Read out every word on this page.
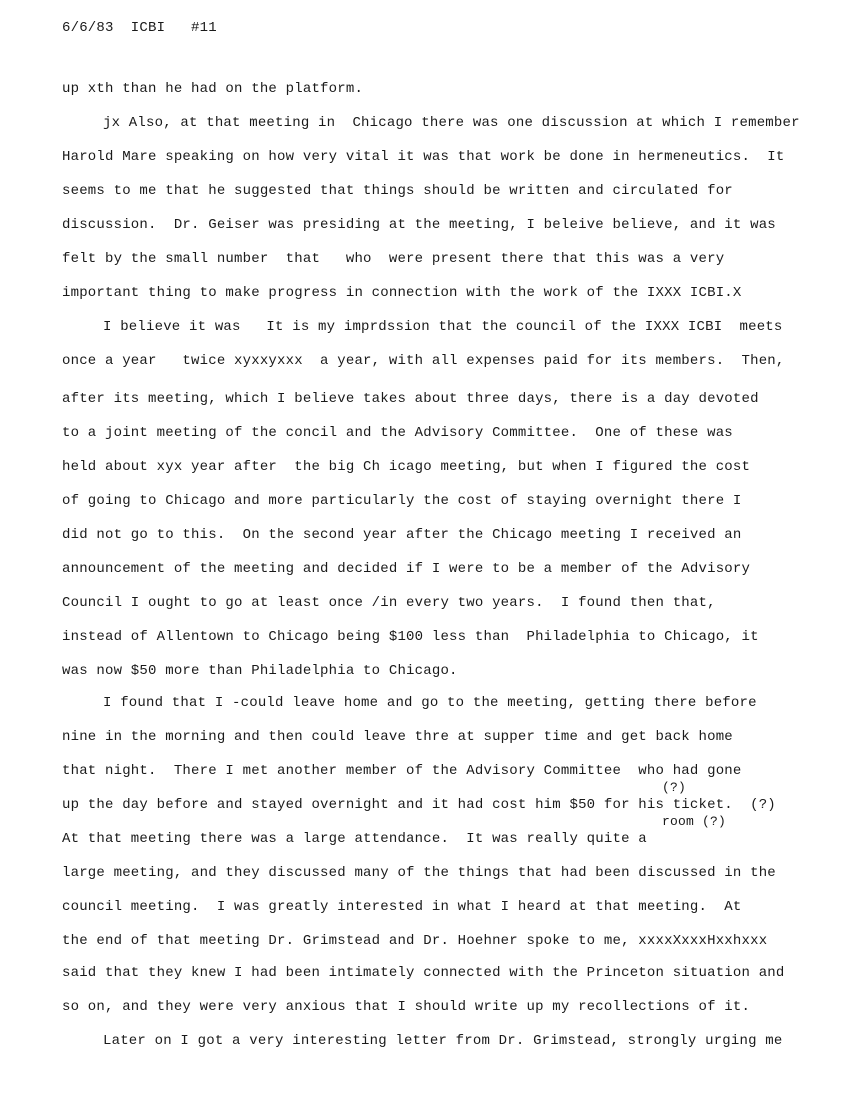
6/6/83  ICBI   #11
up xth than he had on the platform.
jx Also, at that meeting in  Chicago there was one discussion at which I remember
Harold Mare speaking on how very vital it was that work be done in hermeneutics.  It
seems to me that he suggested that things should be written and circulated for
discussion.  Dr. Geiser was presiding at the meeting, I beleive believe, and it was
felt by the small number  that   who  were present there that this was a very
important thing to make progress in connection with the work of the IXXX ICBI.X
I believe it was   It is my imprdssion that the council of the IXXX ICBI  meets
once a year   twice xyxxyxxx  a year, with all expenses paid for its members.  Then,
after its meeting, which I believe takes about three days, there is a day devoted
to a joint meeting of the concil and the Advisory Committee.  One of these was
held about xyx year after  the big Ch icago meeting, but when I figured the cost
of going to Chicago and more particularly the cost of staying overnight there I
did not go to this.  On the second year after the Chicago meeting I received an
announcement of the meeting and decided if I were to be a member of the Advisory
Council I ought to go at least once /in every two years.  I found then that,
instead of Allentown to Chicago being $100 less than  Philadelphia to Chicago, it
was now $50 more than Philadelphia to Chicago.
I found that I -could leave home and go to the meeting, getting there before
nine in the morning and then could leave thre at supper time and get back home
that night.  There I met another member of the Advisory Committee  who had gone
(?)
up the day before and stayed overnight and it had cost him $50 for his ticket.  (?)
room (?)
At that meeting there was a large attendance.  It was really quite a
large meeting, and they discussed many of the things that had been discussed in the
council meeting.  I was greatly interested in what I heard at that meeting.  At
the end of that meeting Dr. Grimstead and Dr. Hoehner spoke to me, xxxxXxxxHxxhxxx
said that they knew I had been intimately connected with the Princeton situation and
so on, and they were very anxious that I should write up my recollections of it.
Later on I got a very interesting letter from Dr. Grimstead, strongly urging me
